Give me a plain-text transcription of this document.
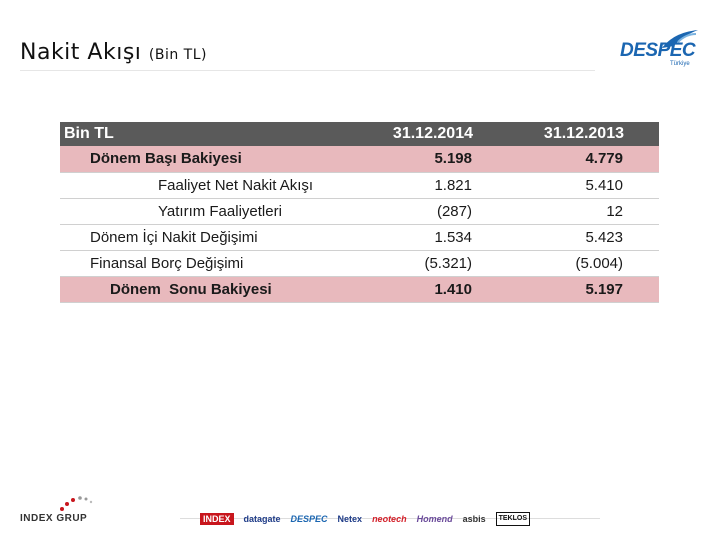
Nakit Akışı (Bin TL)	DESPEC
Türkiye
Bin TL	31.12.2014	31.12.2013
Dönem Başı Bakiyesi	5.198	4.779
Faaliyet Net Nakit Akışı	1.821	5.410
Yatırım Faaliyetleri	(287)	12
Dönem İçi Nakit Değişimi	1.534	5.423
Finansal Borç Değişimi	(5.321)	(5.004)
Dönem  Sonu Bakiyesi	1.410	5.197
INDEX GRUP	INDEX	datagate DESPEC Netex neotech Homend asbis	TEKLOS
